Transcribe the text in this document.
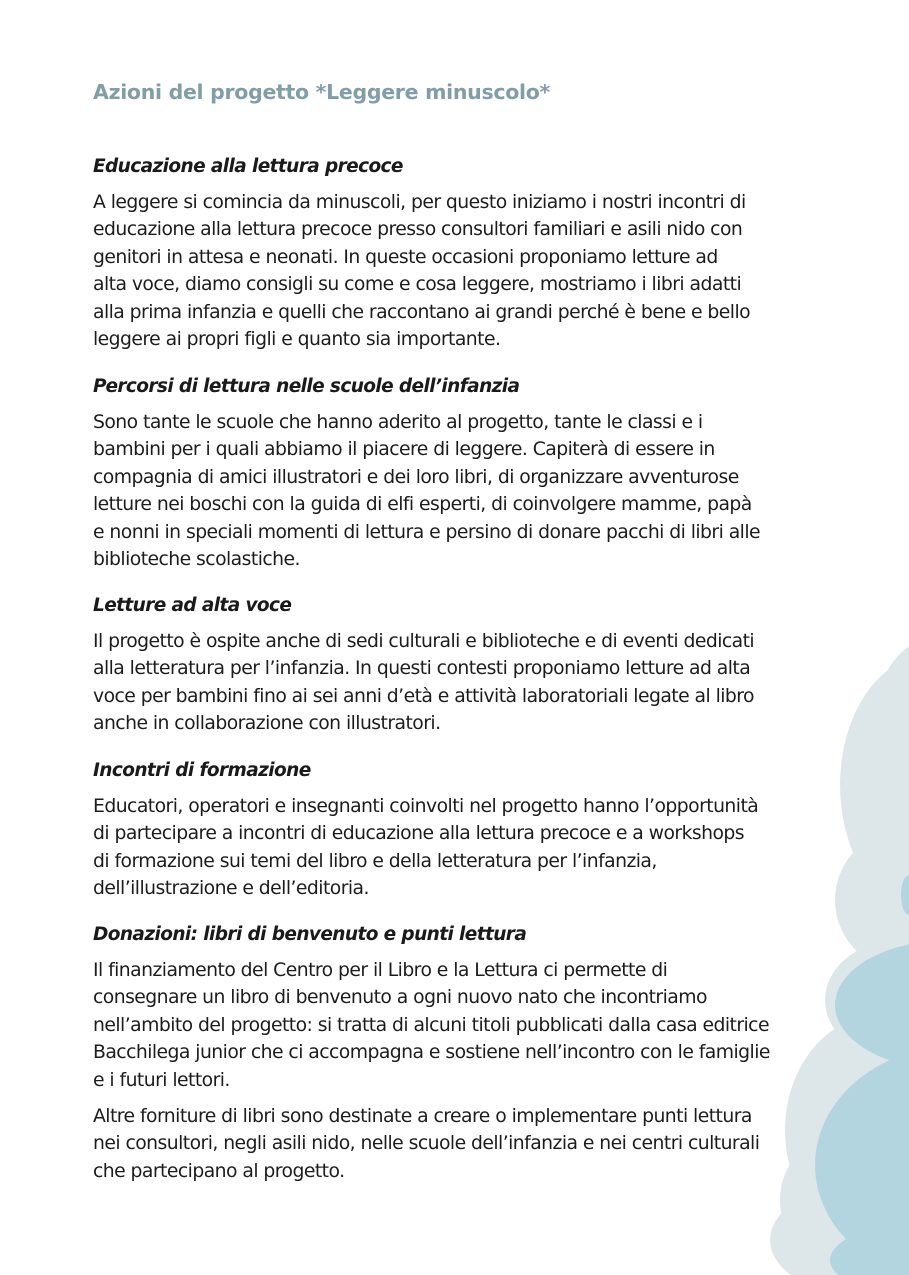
Azioni del progetto *Leggere minuscolo*
Educazione alla lettura precoce

A leggere si comincia da minuscoli, per questo iniziamo i nostri incontri di
educazione alla lettura precoce presso consultori familiari e asili nido con
genitori in attesa e neonati. In queste occasioni proponiamo letture ad
alta voce, diamo consigli su come e cosa leggere, mostriamo i libri adatti
alla prima infanzia e quelli che raccontano ai grandi perché è bene e bello
leggere ai propri figli e quanto sia importante.

Percorsi di lettura nelle scuole dell’infanzia

Sono tante le scuole che hanno aderito al progetto, tante le classi e i
bambini per i quali abbiamo il piacere di leggere. Capiterà di essere in
compagnia di amici illustratori e dei loro libri, di organizzare avventurose
letture nei boschi con la guida di elfi esperti, di coinvolgere mamme, papà
e nonni in speciali momenti di lettura e persino di donare pacchi di libri alle
biblioteche scolastiche.

Letture ad alta voce

Il progetto è ospite anche di sedi culturali e biblioteche e di eventi dedicati
alla letteratura per l’infanzia. In questi contesti proponiamo letture ad alta
voce per bambini fino ai sei anni d’età e attività laboratoriali legate al libro
anche in collaborazione con illustratori.

Incontri di formazione

Educatori, operatori e insegnanti coinvolti nel progetto hanno l’opportunità
di partecipare a incontri di educazione alla lettura precoce e a workshops
di formazione sui temi del libro e della letteratura per l’infanzia,
dell’illustrazione e dell’editoria.

Donazioni: libri di benvenuto e punti lettura

Il finanziamento del Centro per il Libro e la Lettura ci permette di
consegnare un libro di benvenuto a ogni nuovo nato che incontriamo
nell’ambito del progetto: si tratta di alcuni titoli pubblicati dalla casa editrice
Bacchilega junior che ci accompagna e sostiene nell’incontro con le famiglie
e i futuri lettori.

Altre forniture di libri sono destinate a creare o implementare punti lettura
nei consultori, negli asili nido, nelle scuole dell’infanzia e nei centri culturali
che partecipano al progetto.
